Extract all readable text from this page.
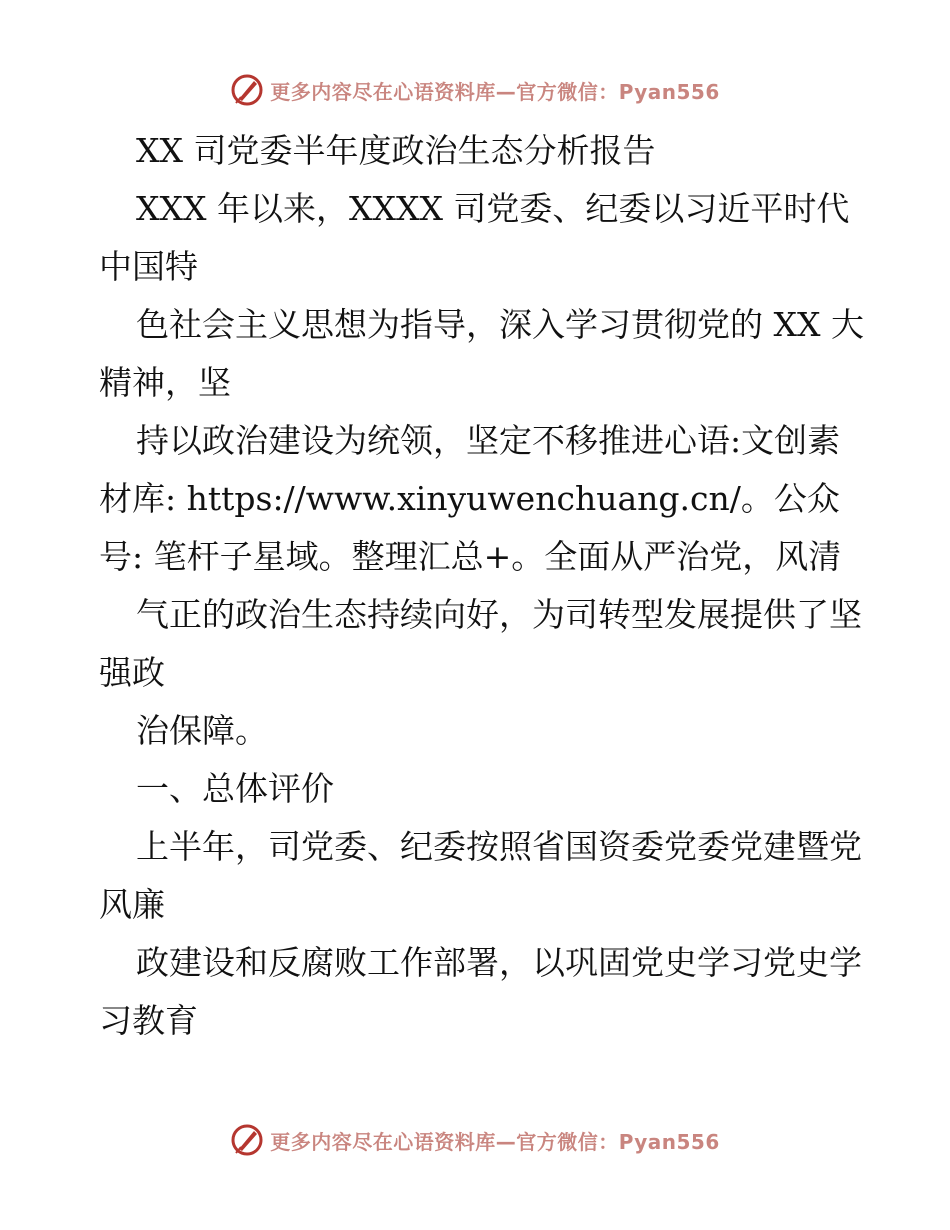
更多内容尽在心语资料库—官方微信：Pyan556

XX 司党委半年度政治生态分析报告

XXX 年以来，XXXX 司党委、纪委以习近平时代中国特

色社会主义思想为指导，深入学习贯彻党的 XX 大精神，坚

持以政治建设为统领，坚定不移推进心语:文创素材库: https://www.xinyuwenchuang.cn/。公众号: 笔杆子星域。整理汇总+。全面从严治党，风清

气正的政治生态持续向好，为司转型发展提供了坚强政

治保障。

一、总体评价

上半年，司党委、纪委按照省国资委党委党建暨党风廉

政建设和反腐败工作部署，以巩固党史学习党史学习教育

更多内容尽在心语资料库—官方微信：Pyan556
